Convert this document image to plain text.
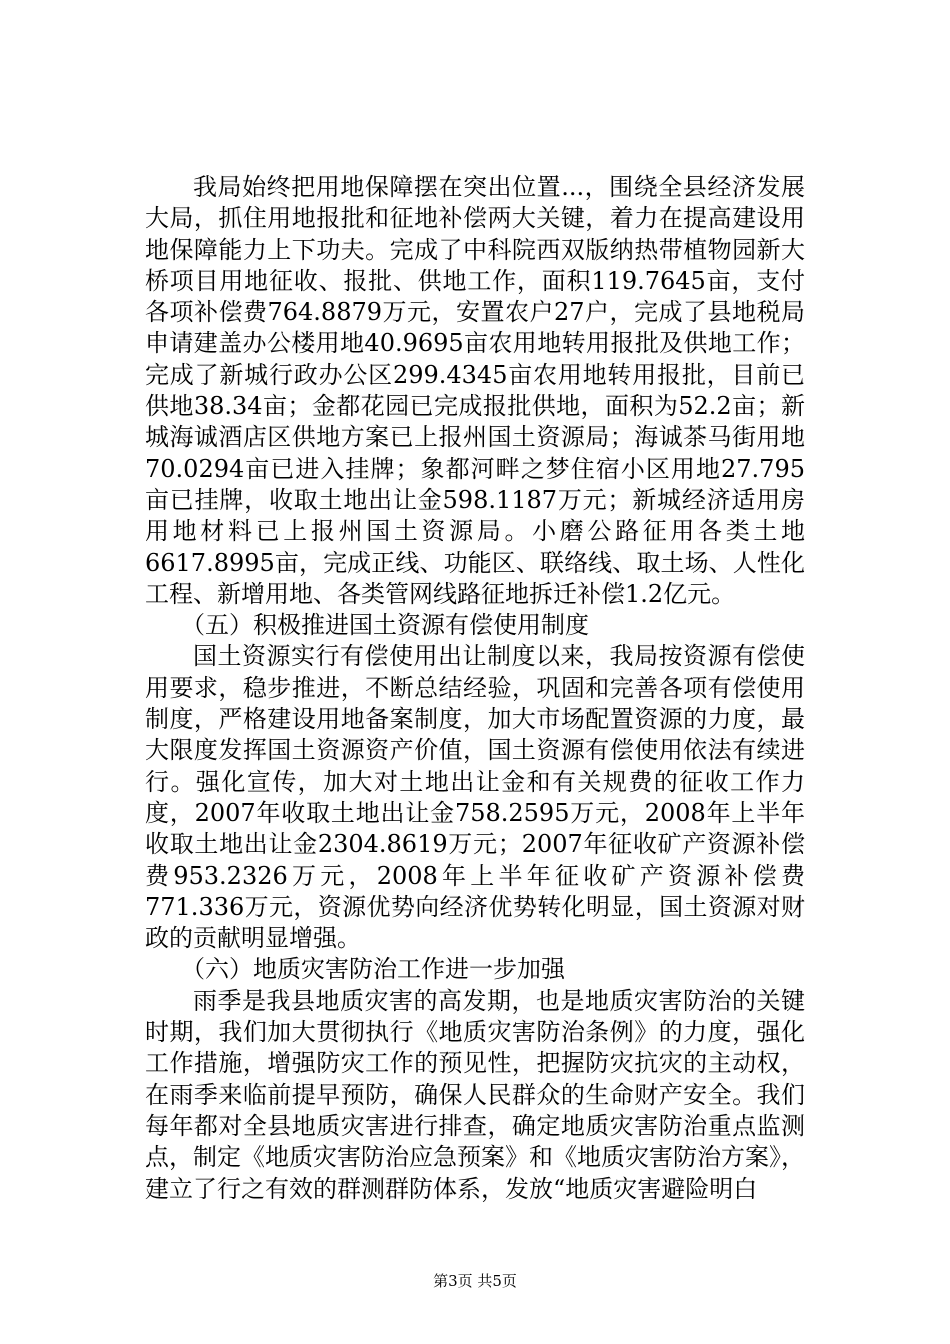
我局始终把用地保障摆在突出位置...，围绕全县经济发展大局，抓住用地报批和征地补偿两大关键，着力在提高建设用地保障能力上下功夫。完成了中科院西双版纳热带植物园新大桥项目用地征收、报批、供地工作，面积119.7645亩，支付各项补偿费764.8879万元，安置农户27户，完成了县地税局申请建盖办公楼用地40.9695亩农用地转用报批及供地工作；完成了新城行政办公区299.4345亩农用地转用报批，目前已供地38.34亩；金都花园已完成报批供地，面积为52.2亩；新城海诚酒店区供地方案已上报州国土资源局；海诚茶马街用地70.0294亩已进入挂牌；象都河畔之梦住宿小区用地27.795亩已挂牌，收取土地出让金598.1187万元；新城经济适用房用地材料已上报州国土资源局。小磨公路征用各类土地6617.8995亩，完成正线、功能区、联络线、取土场、人性化工程、新增用地、各类管网线路征地拆迁补偿1.2亿元。

（五）积极推进国土资源有偿使用制度

国土资源实行有偿使用出让制度以来，我局按资源有偿使用要求，稳步推进，不断总结经验，巩固和完善各项有偿使用制度，严格建设用地备案制度，加大市场配置资源的力度，最大限度发挥国土资源资产价值，国土资源有偿使用依法有续进行。强化宣传，加大对土地出让金和有关规费的征收工作力度，2007年收取土地出让金758.2595万元，2008年上半年收取土地出让金2304.8619万元；2007年征收矿产资源补偿费953.2326万元，2008年上半年征收矿产资源补偿费771.336万元，资源优势向经济优势转化明显，国土资源对财政的贡献明显增强。

（六）地质灾害防治工作进一步加强

雨季是我县地质灾害的高发期，也是地质灾害防治的关键时期，我们加大贯彻执行《地质灾害防治条例》的力度，强化工作措施，增强防灾工作的预见性，把握防灾抗灾的主动权，在雨季来临前提早预防，确保人民群众的生命财产安全。我们每年都对全县地质灾害进行排查，确定地质灾害防治重点监测点，制定《地质灾害防治应急预案》和《地质灾害防治方案》，建立了行之有效的群测群防体系，发放“地质灾害避险明白

第3页 共5页
